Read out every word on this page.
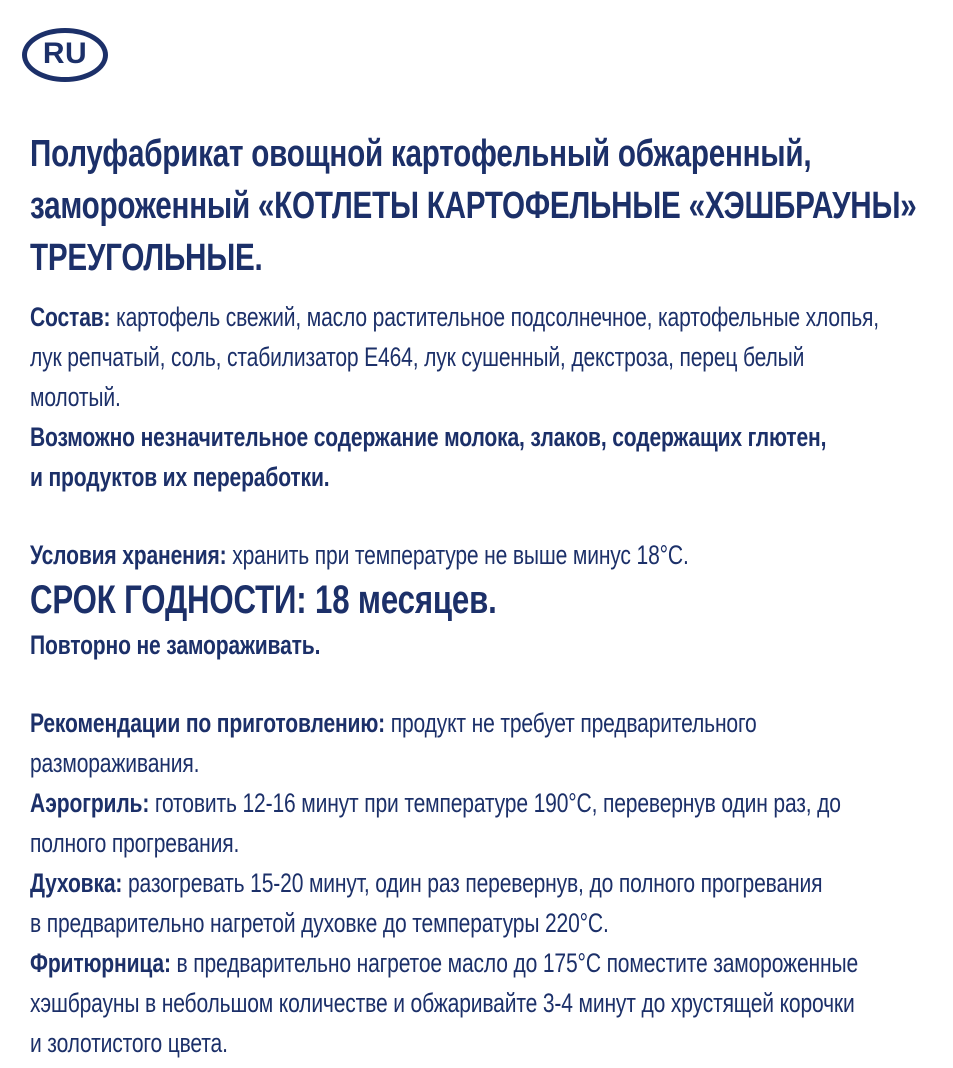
RU
Полуфабрикат овощной картофельный обжаренный,
замороженный «КОТЛЕТЫ КАРТОФЕЛЬНЫЕ «ХЭШБРАУНЫ»
ТРЕУГОЛЬНЫЕ.
Состав: картофель свежий, масло растительное подсолнечное, картофельные хлопья,
лук репчатый, соль, стабилизатор Е464, лук сушенный, декстроза, перец белый
молотый.
Возможно незначительное содержание молока, злаков, содержащих глютен,
и продуктов их переработки.
Условия хранения: хранить при температуре не выше минус 18°С.
СРОК ГОДНОСТИ: 18 месяцев.
Повторно не замораживать.
Рекомендации по приготовлению: продукт не требует предварительного
размораживания.
Аэрогриль: готовить 12-16 минут при температуре 190°С, перевернув один раз, до
полного прогревания.
Духовка: разогревать 15-20 минут, один раз перевернув, до полного прогревания
в предварительно нагретой духовке до температуры 220°С.
Фритюрница: в предварительно нагретое масло до 175°С поместите замороженные
хэшбрауны в небольшом количестве и обжаривайте 3-4 минут до хрустящей корочки
и золотистого цвета.
